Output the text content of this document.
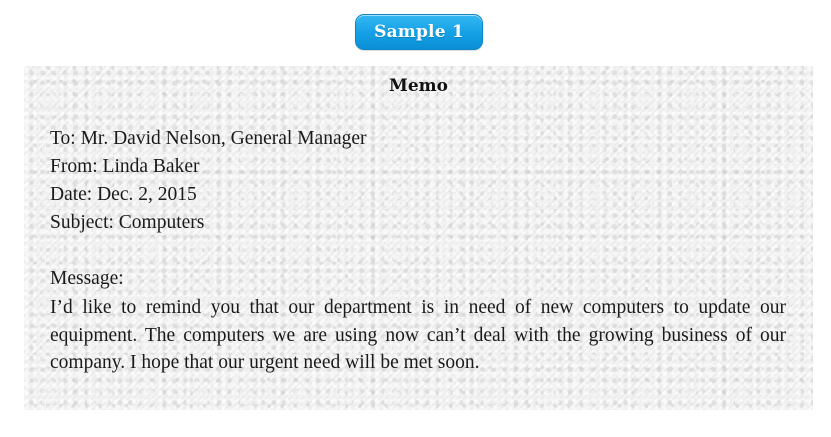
Sample 1
Memo
To: Mr. David Nelson, General Manager
From: Linda Baker
Date: Dec. 2, 2015
Subject: Computers
Message:
I’d like to remind you that our department is in need of new computers to update our equipment. The computers we are using now can’t deal with the growing business of our company. I hope that our urgent need will be met soon.
